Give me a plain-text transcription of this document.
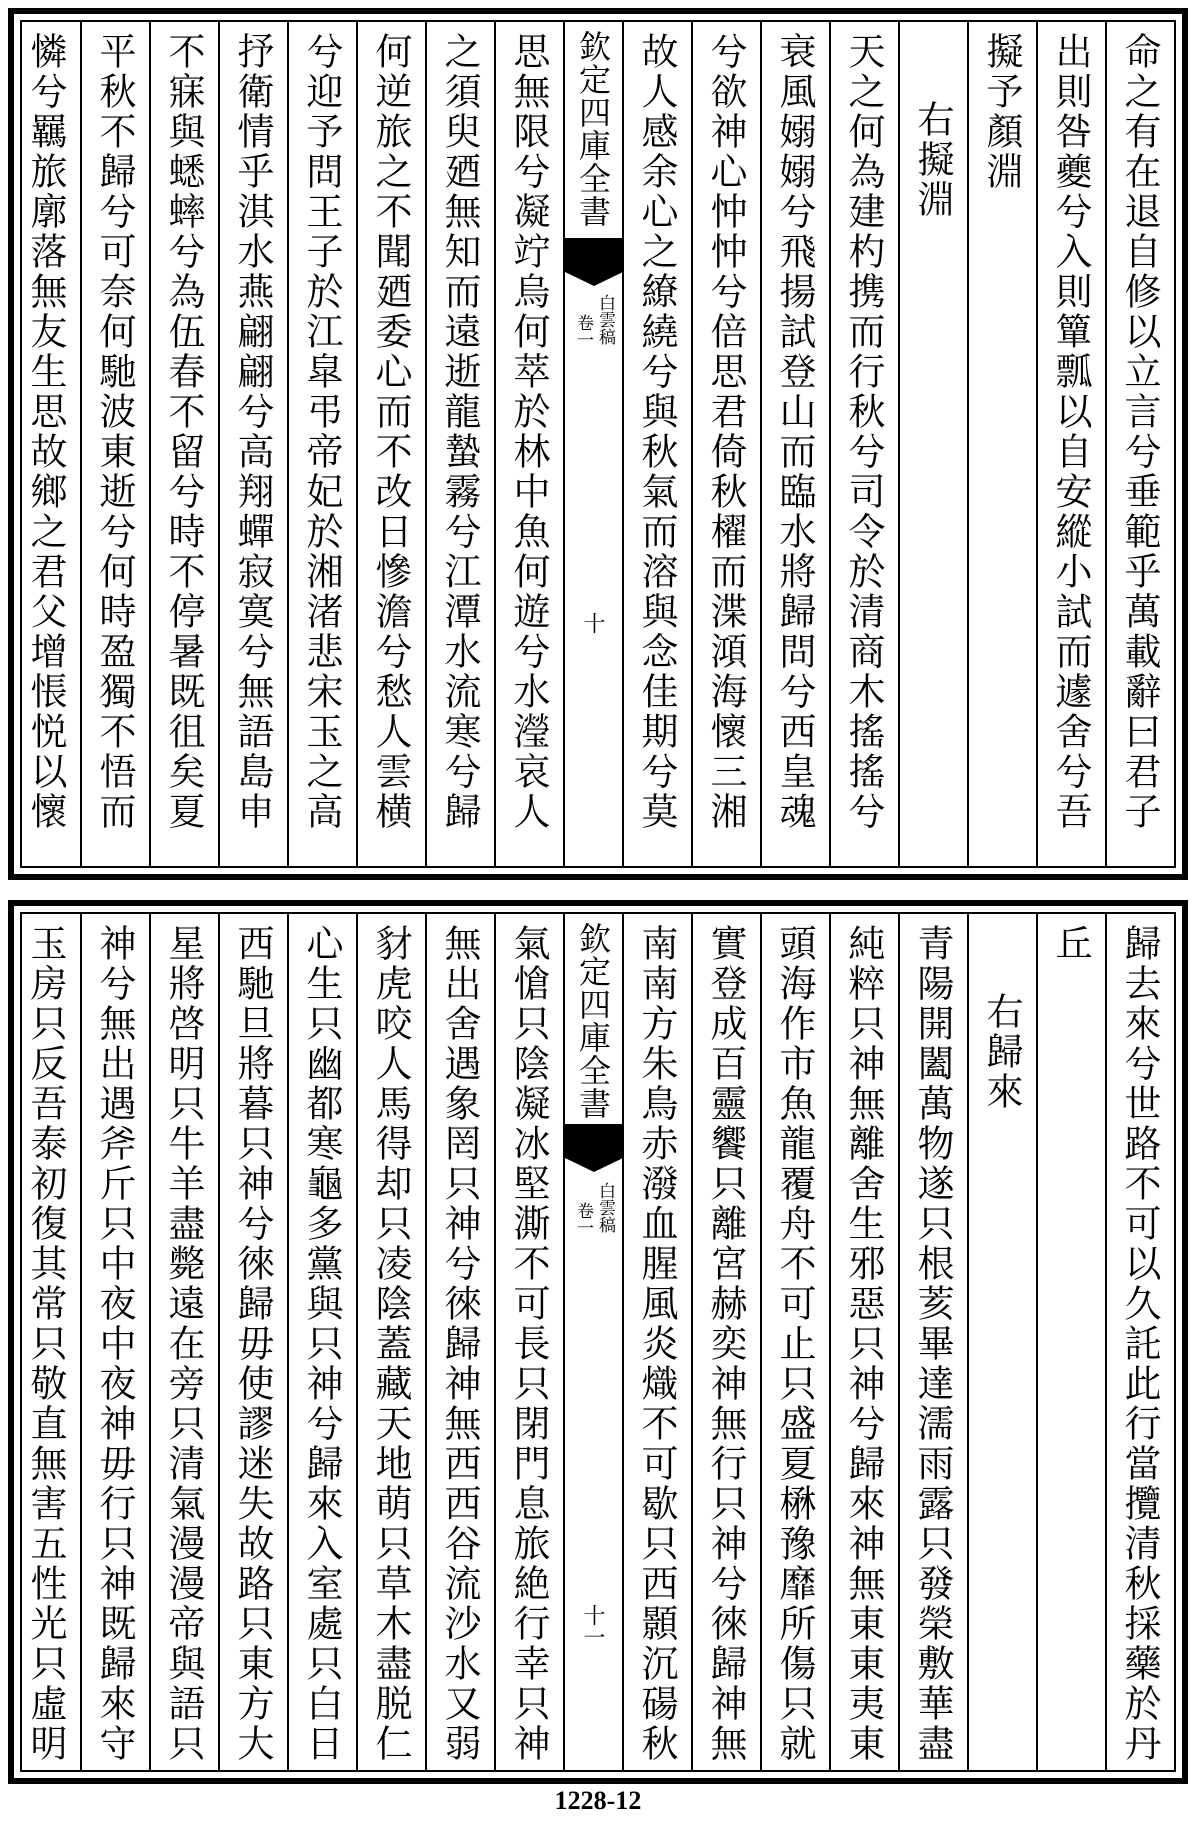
命之有在退自修以立言兮垂範乎萬載辭曰君子
出則咎夔兮入則簞瓢以自安縱小試而遽舍兮吾
擬予顏淵
右擬淵
天之何為建杓携而行秋兮司令於清商木搖搖兮
衰風嫋嫋兮飛揚試登山而臨水將歸問兮西皇魂
兮欲神心忡忡兮倍思君倚秋櫂而渫澒海懷三湘
故人感余心之繚繞兮與秋氣而溶與念佳期兮莫
欽定四庫全書
白雲稿
卷一
十
思無限兮凝竚烏何萃於林中魚何遊兮水瀅哀人
之須臾廼無知而遠逝龍蟄霧兮江潭水流寒兮歸
何逆旅之不聞廼委心而不改日慘澹兮愁人雲横
兮迎予問王子於江皐弔帝妃於湘渚悲宋玉之高
抒衛情乎淇水燕翩翩兮高翔蟬寂寞兮無語島申
不寐與蟋蟀兮為伍春不留兮時不停暑既徂矣夏
平秋不歸兮可奈何馳波東逝兮何時盈獨不悟而
憐兮羈旅廓落無友生思故鄉之君父增悵悦以懷
歸去來兮世路不可以久託此行當攬清秋採藥於丹
丘
右歸來
青陽開闔萬物遂只根荄畢達濡雨露只發榮敷華盡
純粹只神無離舍生邪惡只神兮歸來神無東東夷東
頭海作市魚龍覆舟不可止只盛夏楙豫靡所傷只就
實登成百靈饗只離宮赫奕神無行只神兮徠歸神無
南南方朱鳥赤潑血腥風炎熾不可歇只西顥沉碭秋
欽定四庫全書
白雲稿
卷一
十一
氣愴只陰凝冰堅澌不可長只閉門息旅絶行幸只神
無出舍遇象罔只神兮徠歸神無西西谷流沙水又弱
豺虎咬人馬得却只凌陰蓋藏天地萌只草木盡脱仁
心生只幽都寒龜多黨與只神兮歸來入室處只白日
西馳旦將暮只神兮徠歸毋使謬迷失故路只東方大
星將啓明只牛羊盡斃遠在旁只清氣漫漫帝與語只
神兮無出遇斧斤只中夜中夜神毋行只神既歸來守
玉房只反吾泰初復其常只敬直無害五性光只虛明
1228-12
